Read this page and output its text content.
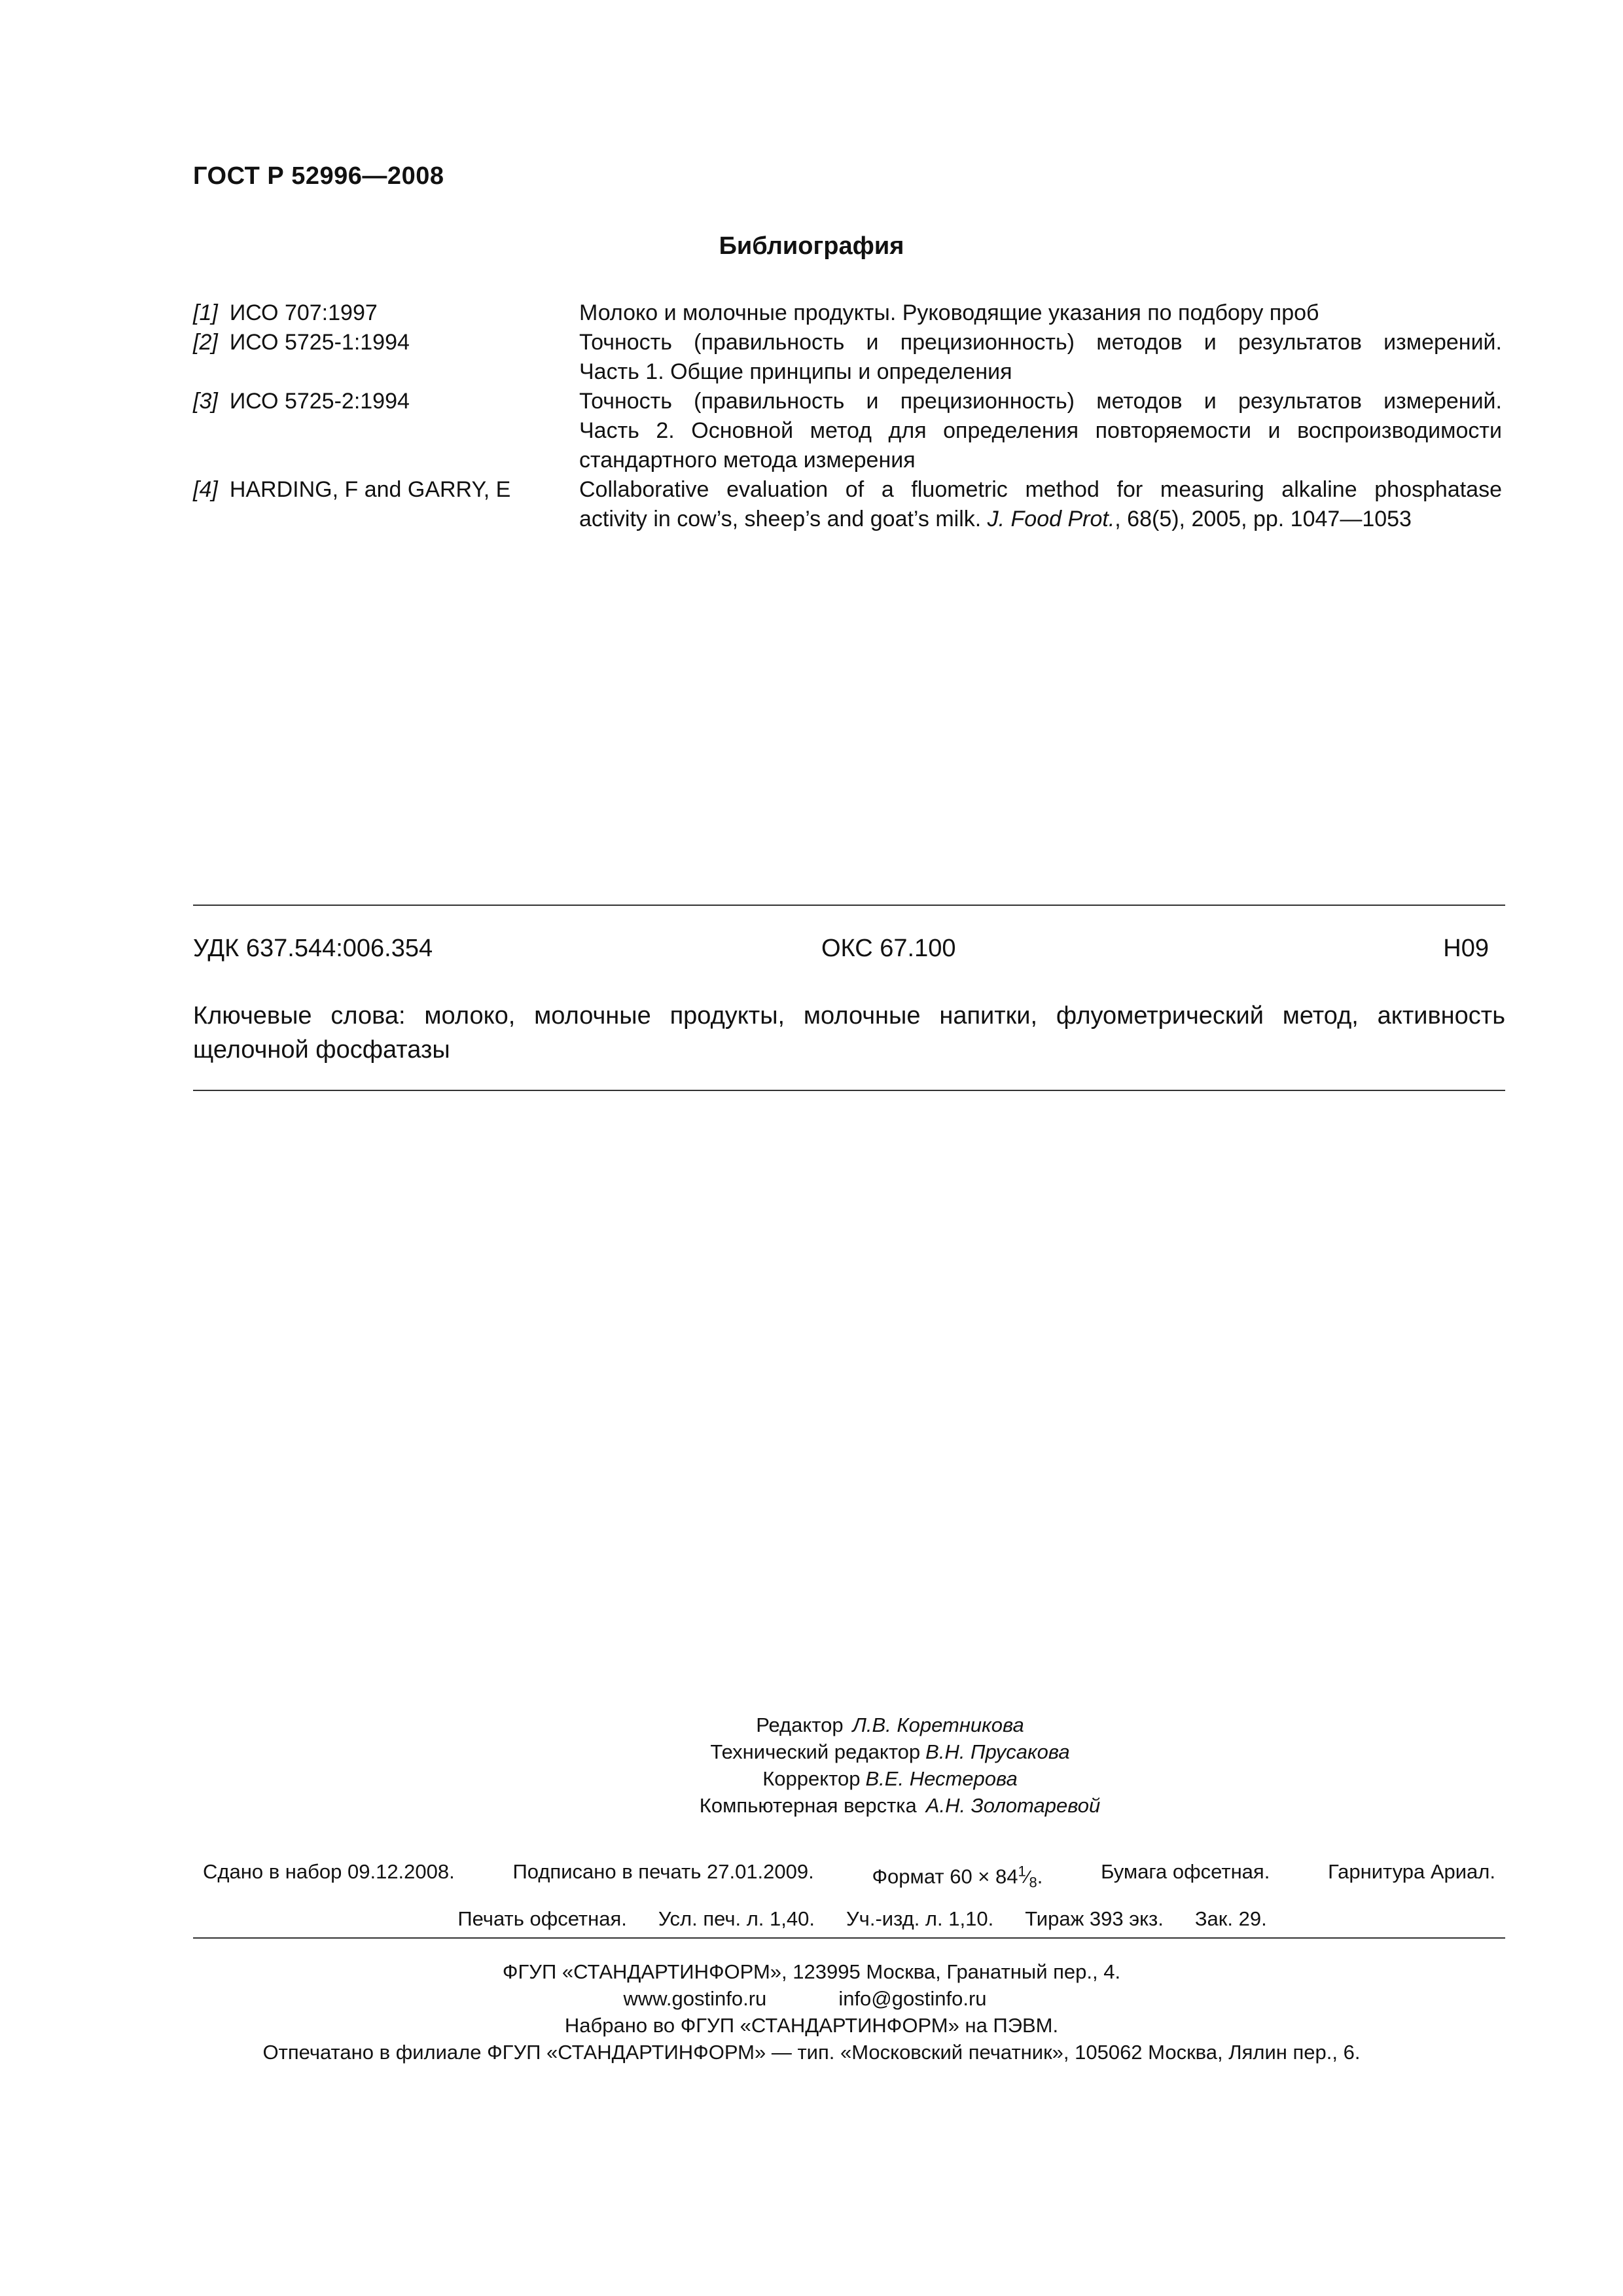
ГОСТ Р 52996—2008
Библиография
[1] ИСО 707:1997	Молоко и молочные продукты. Руководящие указания по подбору проб
[2] ИСО 5725-1:1994	Точность (правильность и прецизионность) методов и результатов измерений.
Часть 1. Общие принципы и определения
[3] ИСО 5725-2:1994	Точность (правильность и прецизионность) методов и результатов измерений.
Часть 2. Основной метод для определения повторяемости и воспроизводимости
стандартного метода измерения
[4] HARDING, F and GARRY, E	Collaborative evaluation of a fluometric method for measuring alkaline phosphatase
activity in cow’s, sheep’s and goat’s milk. J. Food Prot., 68(5), 2005, pp. 1047—1053
УДК 637.544:006.354	ОКС 67.100	Н09
Ключевые слова: молоко, молочные продукты, молочные напитки, флуометрический метод, активность
щелочной фосфатазы
Редактор Л.В. Коретникова
Технический редактор В.Н. Прусакова
Корректор В.Е. Нестерова
Компьютерная верстка А.Н. Золотаревой
Сдано в набор 09.12.2008.	Подписано в печать 27.01.2009.	Формат $60 \times 84^1⁄_8$.	Бумага офсетная.	Гарнитура Ариал.
Печать офсетная. Усл. печ. л. 1,40. Уч.-изд. л. 1,10. Тираж 393 экз. Зак. 29.
ФГУП «СТАНДАРТИНФОРМ», 123995 Москва, Гранатный пер., 4.
www.gostinfo.ru	info@gostinfo.ru
Набрано во ФГУП «СТАНДАРТИНФОРМ» на ПЭВМ.
Отпечатано в филиале ФГУП «СТАНДАРТИНФОРМ» — тип. «Московский печатник», 105062 Москва, Лялин пер., 6.
